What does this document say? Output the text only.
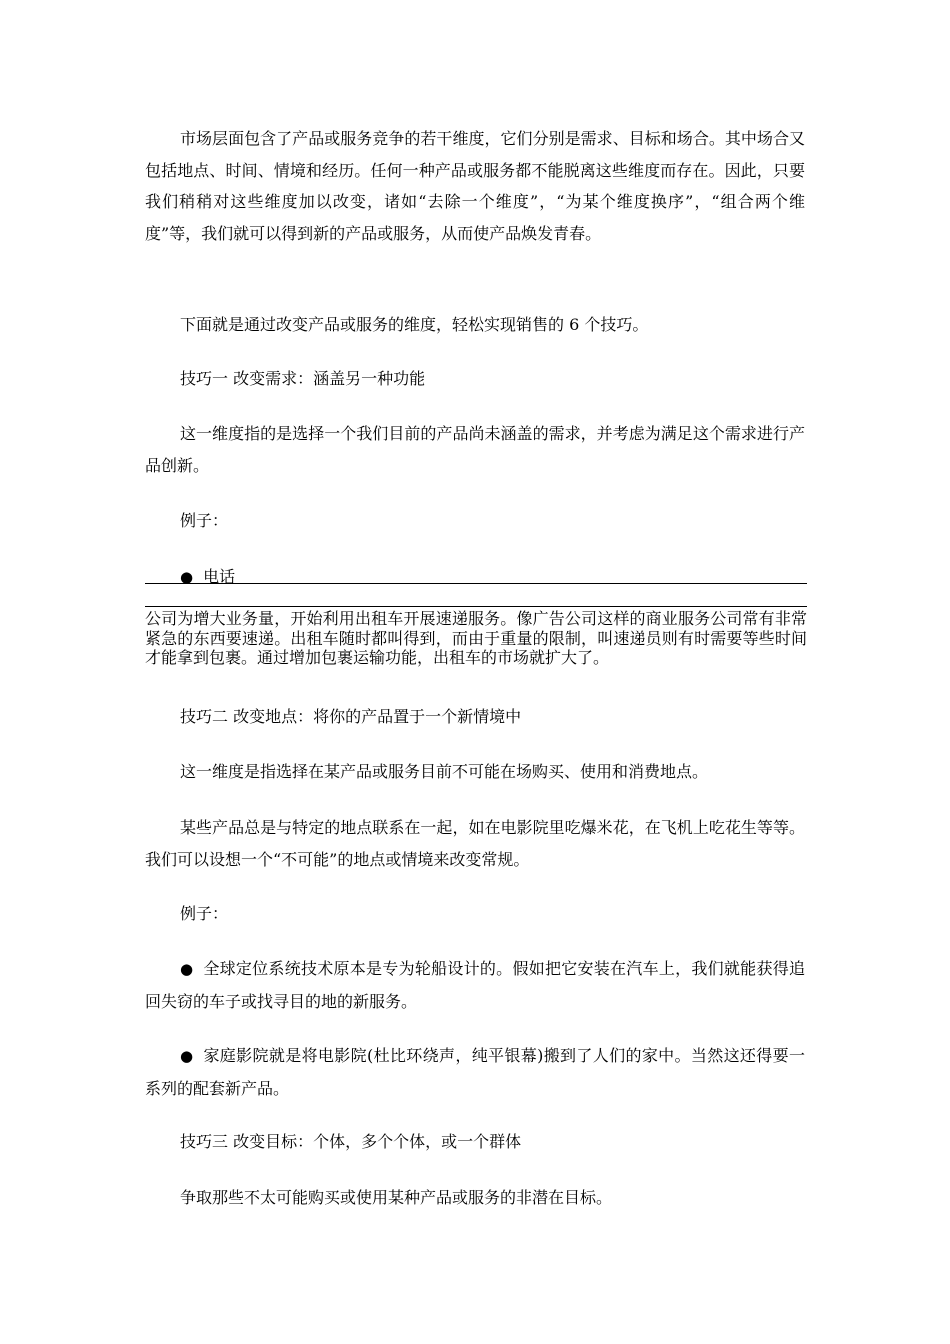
市场层面包含了产品或服务竞争的若干维度，它们分别是需求、目标和场合。其中场合又包括地点、时间、情境和经历。任何一种产品或服务都不能脱离这些维度而存在。因此，只要我们稍稍对这些维度加以改变，诸如“去除一个维度”，“为某个维度换序”，“组合两个维度”等，我们就可以得到新的产品或服务，从而使产品焕发青春。

下面就是通过改变产品或服务的维度，轻松实现销售的 6 个技巧。

技巧一 改变需求：涵盖另一种功能

这一维度指的是选择一个我们目前的产品尚未涵盖的需求，并考虑为满足这个需求进行产品创新。

例子：

● 电话

公司为增大业务量，开始利用出租车开展速递服务。像广告公司这样的商业服务公司常有非常紧急的东西要速递。出租车随时都叫得到，而由于重量的限制，叫速递员则有时需要等些时间才能拿到包裹。通过增加包裹运输功能，出租车的市场就扩大了。

技巧二 改变地点：将你的产品置于一个新情境中

这一维度是指选择在某产品或服务目前不可能在场购买、使用和消费地点。

某些产品总是与特定的地点联系在一起，如在电影院里吃爆米花，在飞机上吃花生等等。我们可以设想一个“不可能”的地点或情境来改变常规。

例子：

● 全球定位系统技术原本是专为轮船设计的。假如把它安装在汽车上，我们就能获得追回失窃的车子或找寻目的地的新服务。

● 家庭影院就是将电影院(杜比环绕声，纯平银幕)搬到了人们的家中。当然这还得要一系列的配套新产品。

技巧三 改变目标：个体，多个个体，或一个群体

争取那些不太可能购买或使用某种产品或服务的非潜在目标。
